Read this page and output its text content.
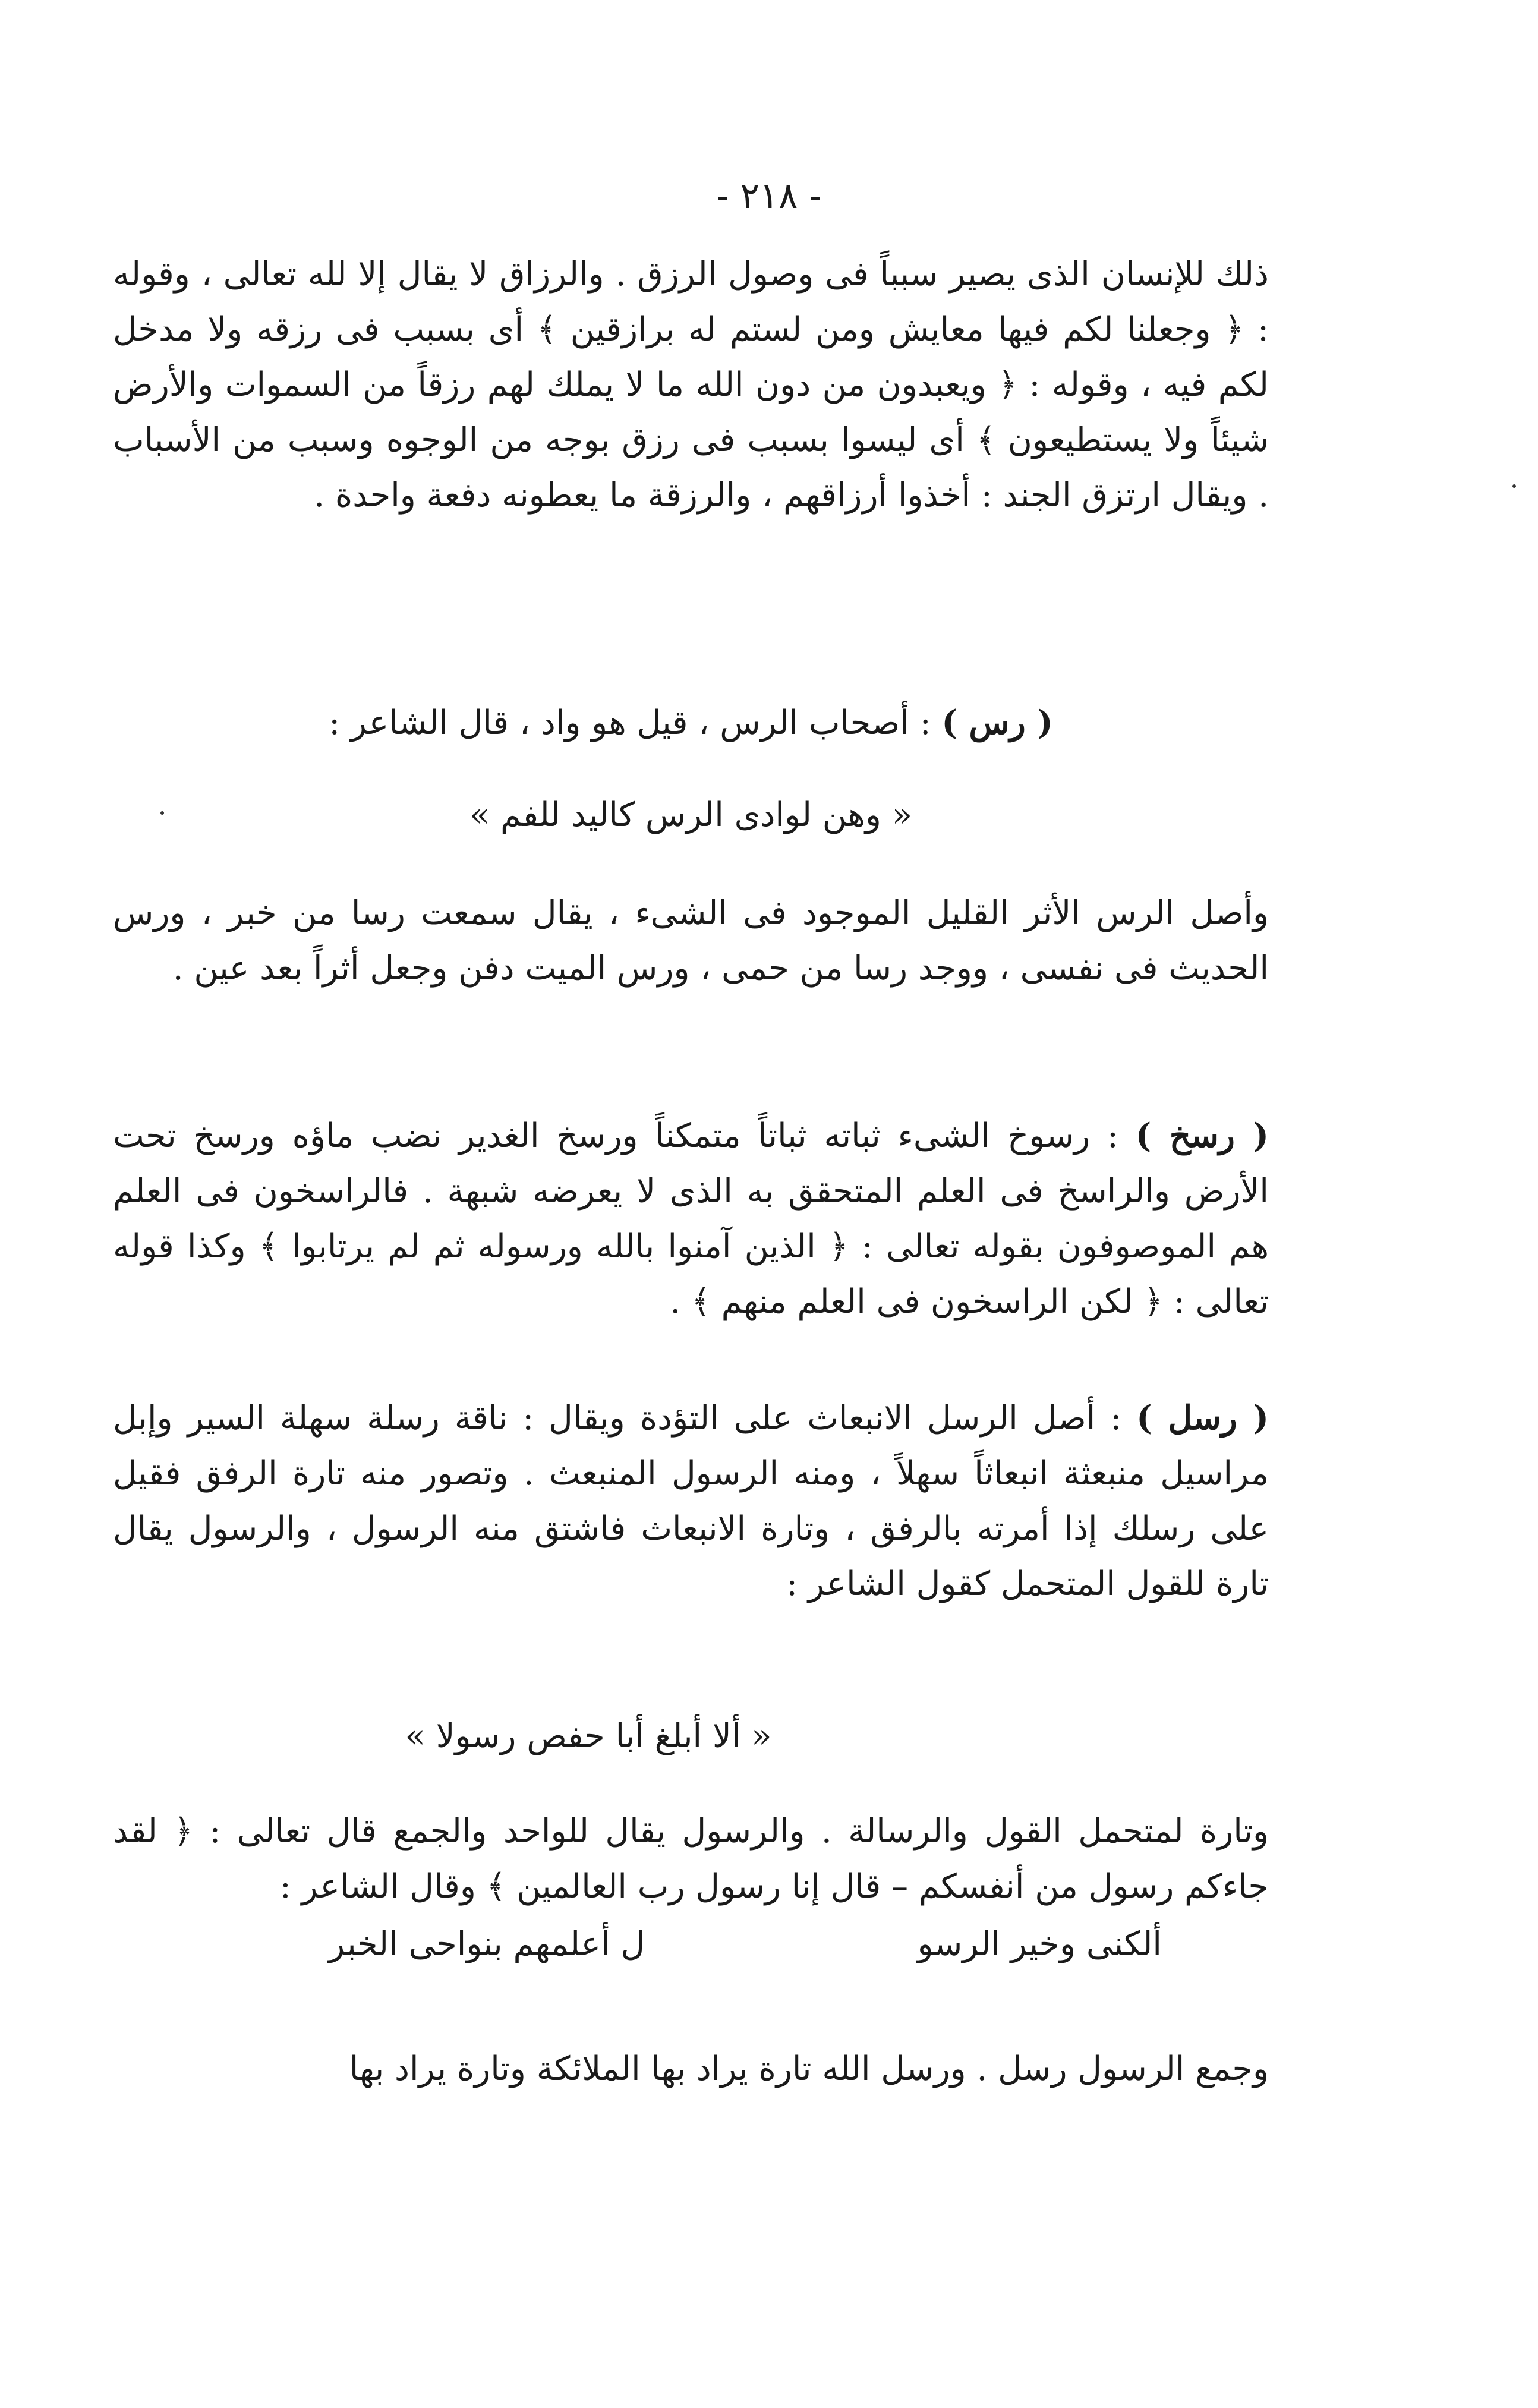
- ٢١٨ -

ذلك للإنسان الذى يصير سبباً فى وصول الرزق . والرزاق لا يقال إلا لله تعالى ، وقوله : ﴿ وجعلنا لكم فيها معايش ومن لستم له برازقين ﴾ أى بسبب فى رزقه ولا مدخل لكم فيه ، وقوله : ﴿ ويعبدون من دون الله ما لا يملك لهم رزقاً من السموات والأرض شيئاً ولا يستطيعون ﴾ أى ليسوا بسبب فى رزق بوجه من الوجوه وسبب من الأسباب . ويقال ارتزق الجند : أخذوا أرزاقهم ، والرزقة ما يعطونه دفعة واحدة .

( رس ) : أصحاب الرس ، قيل هو واد ، قال الشاعر :
« وهن لوادى الرس كاليد للفم »

وأصل الرس الأثر القليل الموجود فى الشىء ، يقال سمعت رسا من خبر ، ورس الحديث فى نفسى ، ووجد رسا من حمى ، ورس الميت دفن وجعل أثراً بعد عين .

( رسخ ) : رسوخ الشىء ثباته ثباتاً متمكناً ورسخ الغدير نضب ماؤه ورسخ تحت الأرض والراسخ فى العلم المتحقق به الذى لا يعرضه شبهة . فالراسخون فى العلم هم الموصوفون بقوله تعالى : ﴿ الذين آمنوا بالله ورسوله ثم لم يرتابوا ﴾ وكذا قوله تعالى : ﴿ لكن الراسخون فى العلم منهم ﴾ .

( رسل ) : أصل الرسل الانبعاث على التؤدة ويقال : ناقة رسلة سهلة السير وإبل مراسيل منبعثة انبعاثاً سهلاً ، ومنه الرسول المنبعث . وتصور منه تارة الرفق فقيل على رسلك إذا أمرته بالرفق ، وتارة الانبعاث فاشتق منه الرسول ، والرسول يقال تارة للقول المتحمل كقول الشاعر :

« ألا أبلغ أبا حفص رسولا »

وتارة لمتحمل القول والرسالة . والرسول يقال للواحد والجمع قال تعالى : ﴿ لقد جاءكم رسول من أنفسكم – قال إنا رسول رب العالمين ﴾ وقال الشاعر :

ألكنى وخير الرسو
ل أعلمهم بنواحى الخبر

وجمع الرسول رسل . ورسل الله تارة يراد بها الملائكة وتارة يراد بها
